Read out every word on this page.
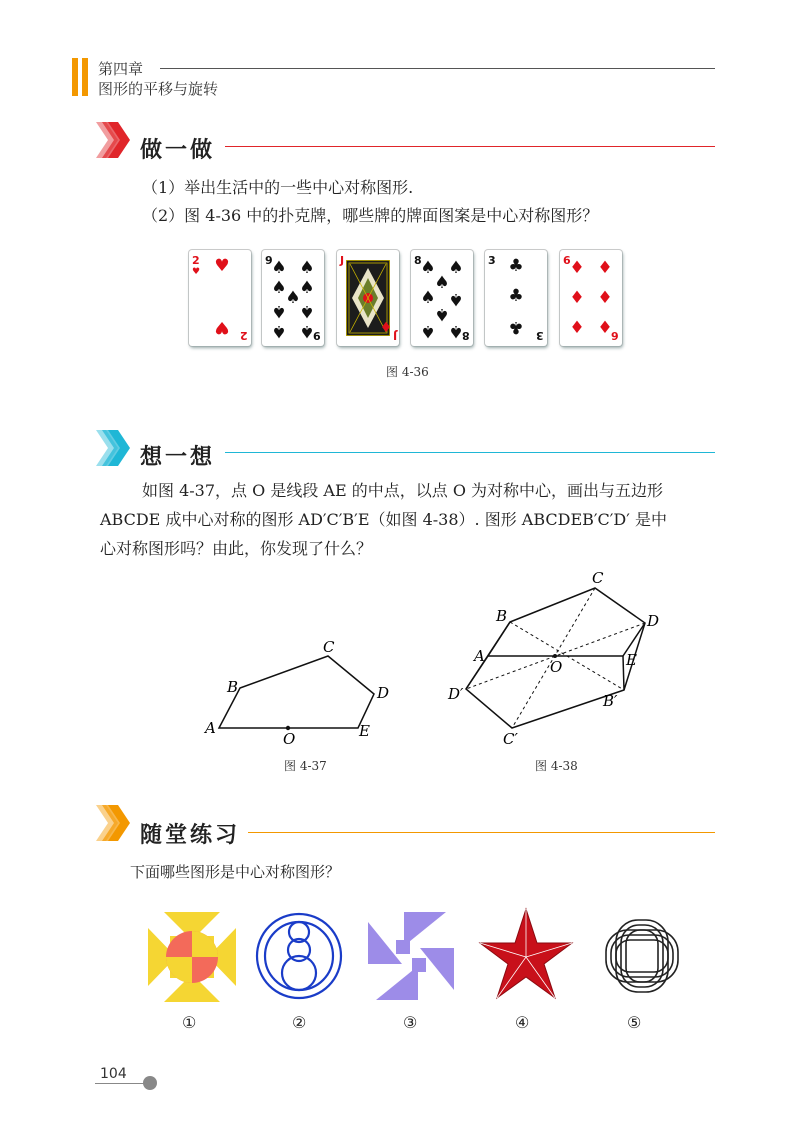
第四章
图形的平移与旋转
做一做
（1）举出生活中的一些中心对称图形.
（2）图 4-36 中的扑克牌，哪些牌的牌面图案是中心对称图形？
2
♥ ♥
♥ 2
9
♠ ♠
♠ ♠
♠
♠ ♠
♠ ♠
9
J
♦ J
8
♠ ♠
♠
♠ ♠
♠
♠ ♠
8
3 ♣
♣
♣ 3
6
♦ ♦
♦ ♦
♦ ♦
6
图 4-36
想一想
如图 4-37，点 O 是线段 AE 的中点，以点 O 为对称中心，画出与五边形
ABCDE 成中心对称的图形 AD′C′B′E（如图 4-38）. 图形 ABCDEB′C′D′ 是中
心对称图形吗？由此，你发现了什么？
A
B
C
D
E
O
图 4-37
A
B
C
D
E
O
B′
C′
D′
图 4-38
随堂练习
下面哪些图形是中心对称图形？
①	②	③	④	⑤
104
